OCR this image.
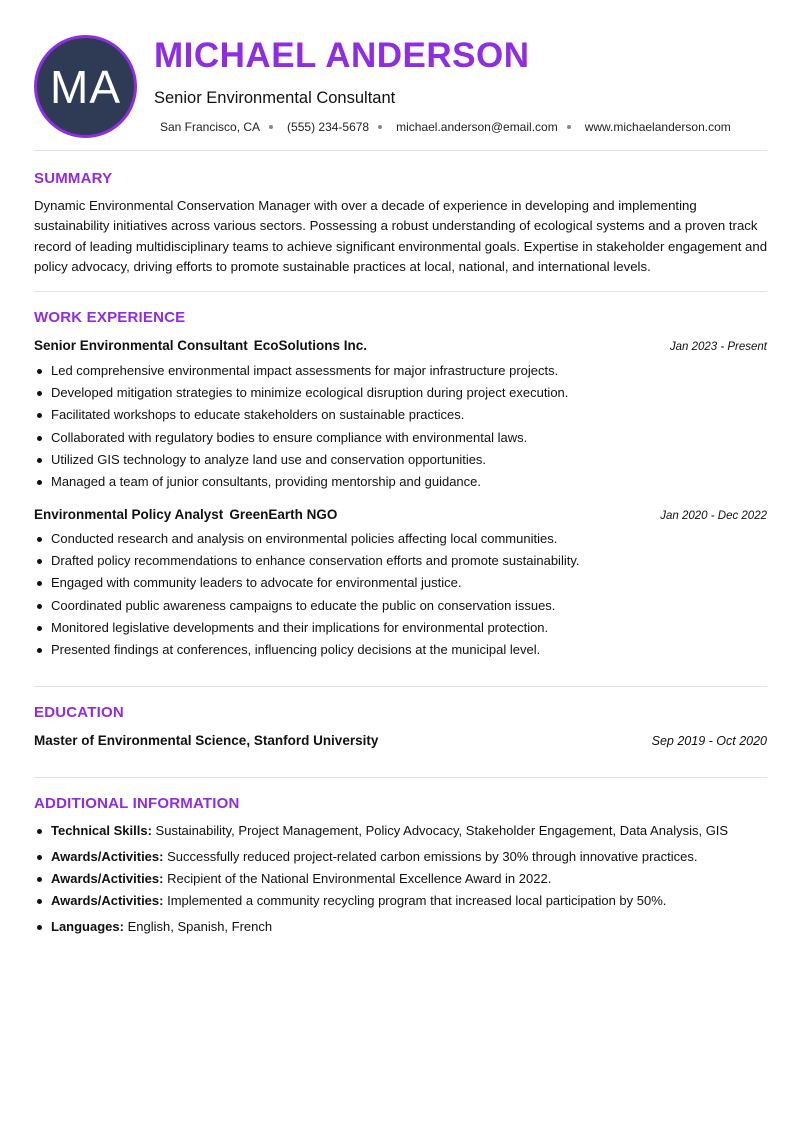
MA
MICHAEL ANDERSON
Senior Environmental Consultant
San Francisco, CA (555) 234-5678 michael.anderson@email.com www.michaelanderson.com
SUMMARY
Dynamic Environmental Conservation Manager with over a decade of experience in developing and implementing sustainability initiatives across various sectors. Possessing a robust understanding of ecological systems and a proven track record of leading multidisciplinary teams to achieve significant environmental goals. Expertise in stakeholder engagement and policy advocacy, driving efforts to promote sustainable practices at local, national, and international levels.
WORK EXPERIENCE
Senior Environmental Consultant EcoSolutions Inc.	Jan 2023 - Present
Led comprehensive environmental impact assessments for major infrastructure projects.
Developed mitigation strategies to minimize ecological disruption during project execution.
Facilitated workshops to educate stakeholders on sustainable practices.
Collaborated with regulatory bodies to ensure compliance with environmental laws.
Utilized GIS technology to analyze land use and conservation opportunities.
Managed a team of junior consultants, providing mentorship and guidance.
Environmental Policy Analyst GreenEarth NGO	Jan 2020 - Dec 2022
Conducted research and analysis on environmental policies affecting local communities.
Drafted policy recommendations to enhance conservation efforts and promote sustainability.
Engaged with community leaders to advocate for environmental justice.
Coordinated public awareness campaigns to educate the public on conservation issues.
Monitored legislative developments and their implications for environmental protection.
Presented findings at conferences, influencing policy decisions at the municipal level.
EDUCATION
Master of Environmental Science, Stanford University	Sep 2019 - Oct 2020
ADDITIONAL INFORMATION
Technical Skills: Sustainability, Project Management, Policy Advocacy, Stakeholder Engagement, Data Analysis, GIS
Awards/Activities: Successfully reduced project-related carbon emissions by 30% through innovative practices.
Awards/Activities: Recipient of the National Environmental Excellence Award in 2022.
Awards/Activities: Implemented a community recycling program that increased local participation by 50%.
Languages: English, Spanish, French
